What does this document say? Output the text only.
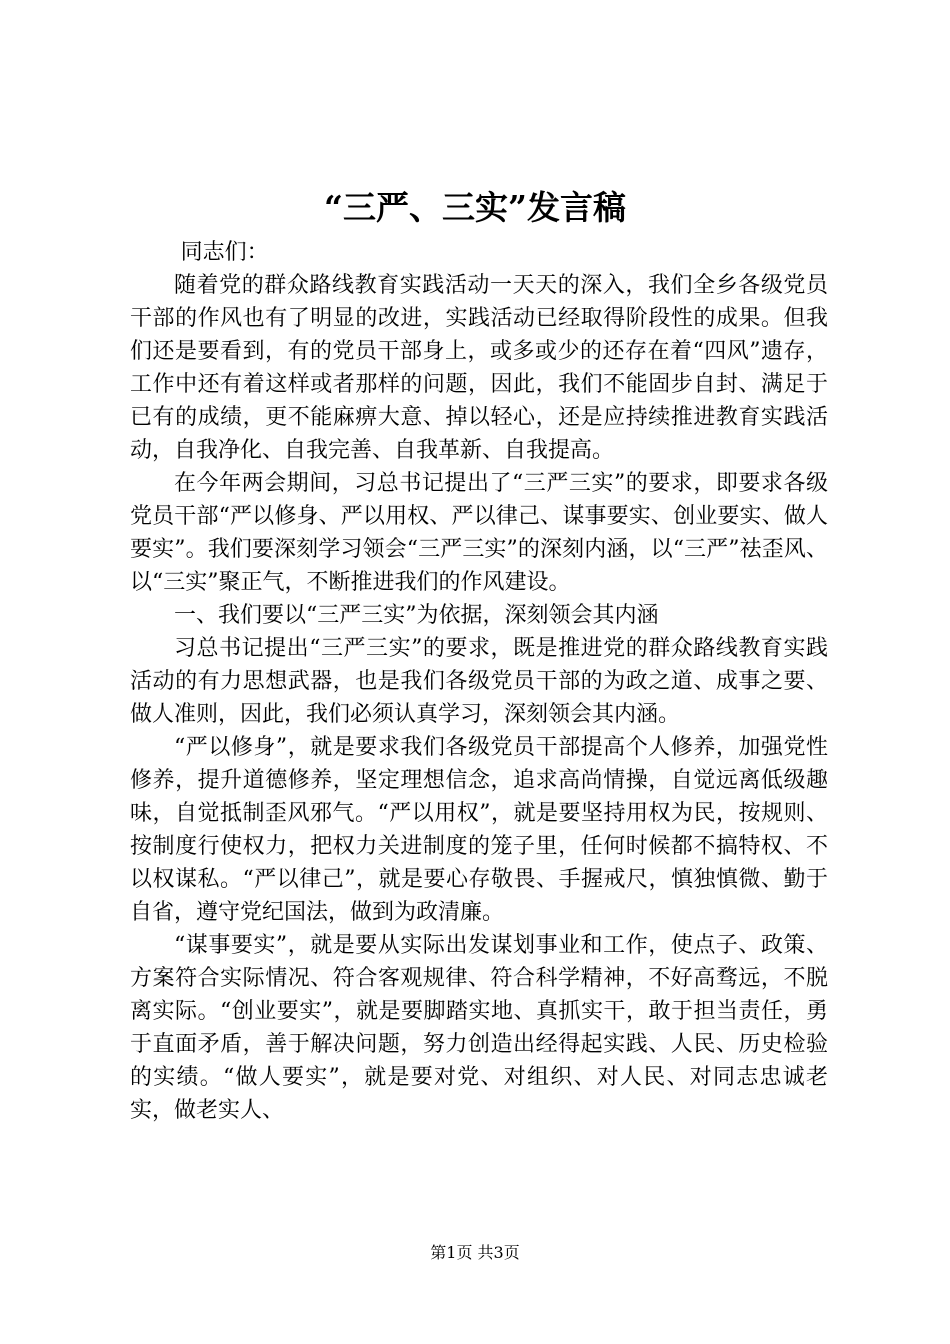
“三严、三实”发言稿

同志们：

随着党的群众路线教育实践活动一天天的深入，我们全乡各级党员干部的作风也有了明显的改进，实践活动已经取得阶段性的成果。但我们还是要看到，有的党员干部身上，或多或少的还存在着“四风”遗存，工作中还有着这样或者那样的问题，因此，我们不能固步自封、满足于已有的成绩，更不能麻痹大意、掉以轻心，还是应持续推进教育实践活动，自我净化、自我完善、自我革新、自我提高。

在今年两会期间，习总书记提出了“三严三实”的要求，即要求各级党员干部“严以修身、严以用权、严以律己、谋事要实、创业要实、做人要实”。我们要深刻学习领会“三严三实”的深刻内涵，以“三严”祛歪风、以“三实”聚正气，不断推进我们的作风建设。

一、我们要以“三严三实”为依据，深刻领会其内涵

习总书记提出“三严三实”的要求，既是推进党的群众路线教育实践活动的有力思想武器，也是我们各级党员干部的为政之道、成事之要、做人准则，因此，我们必须认真学习，深刻领会其内涵。

“严以修身”，就是要求我们各级党员干部提高个人修养，加强党性修养，提升道德修养，坚定理想信念，追求高尚情操，自觉远离低级趣味，自觉抵制歪风邪气。“严以用权”，就是要坚持用权为民，按规则、按制度行使权力，把权力关进制度的笼子里，任何时候都不搞特权、不以权谋私。“严以律己”，就是要心存敬畏、手握戒尺，慎独慎微、勤于自省，遵守党纪国法，做到为政清廉。

“谋事要实”，就是要从实际出发谋划事业和工作，使点子、政策、方案符合实际情况、符合客观规律、符合科学精神，不好高骛远，不脱离实际。“创业要实”，就是要脚踏实地、真抓实干，敢于担当责任，勇于直面矛盾，善于解决问题，努力创造出经得起实践、人民、历史检验的实绩。“做人要实”，就是要对党、对组织、对人民、对同志忠诚老实，做老实人、

第1页 共3页
